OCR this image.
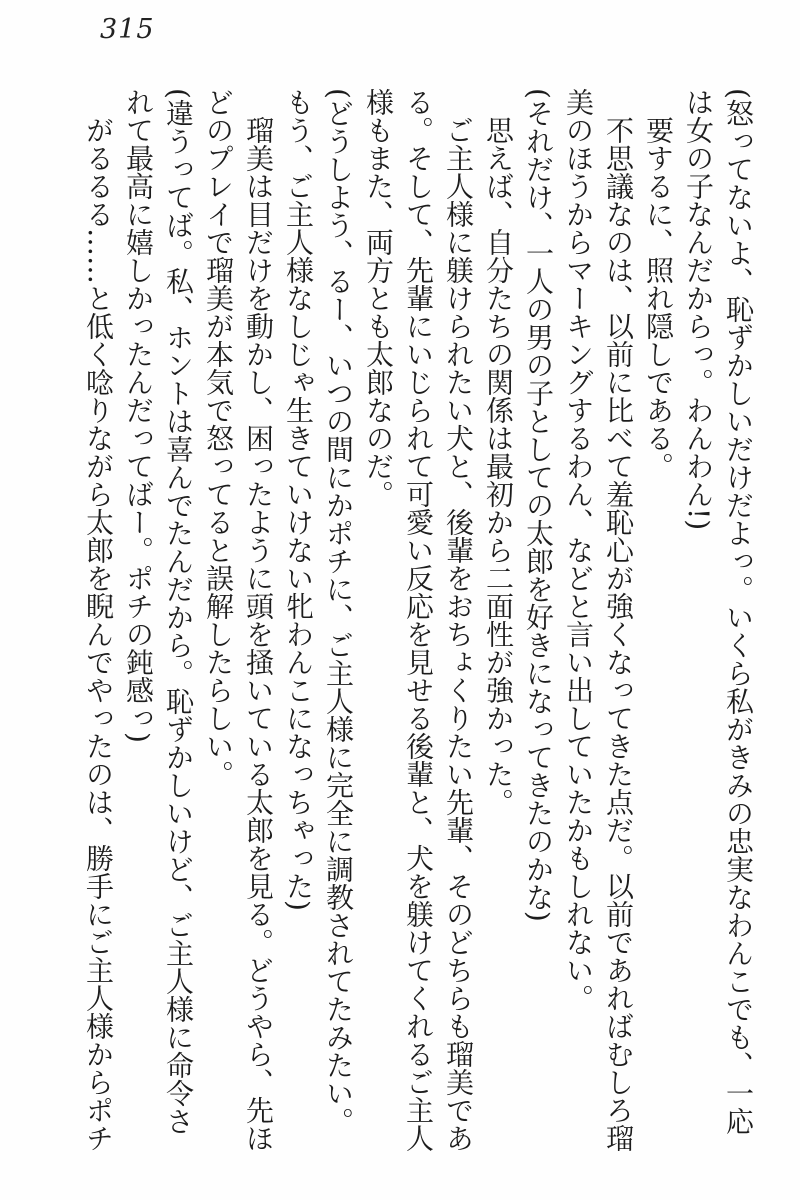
315

(怒ってないよ、恥ずかしいだけだよっ。いくら私がきみの忠実なわんこでも、一応は女の子なんだからっ。わんわん!)

要するに、照れ隠しである。

不思議なのは、以前に比べて羞恥心が強くなってきた点だ。以前であればむしろ瑠美のほうからマーキングするわん、などと言い出していたかもしれない。

(それだけ、一人の男の子としての太郎を好きになってきたのかな)

思えば、自分たちの関係は最初から二面性が強かった。

ご主人様に躾けられたい犬と、後輩をおちょくりたい先輩、そのどちらも瑠美である。そして、先輩にいじられて可愛い反応を見せる後輩と、犬を躾けてくれるご主人様もまた、両方とも太郎なのだ。

(どうしよう、るー、いつの間にかポチに、ご主人様に完全に調教されてたみたい。もう、ご主人様なしじゃ生きていけない牝わんこになっちゃった)

瑠美は目だけを動かし、困ったように頭を掻いている太郎を見る。どうやら、先ほどのプレイで瑠美が本気で怒ってると誤解したらしい。

(違うってば。私、ホントは喜んでたんだから。恥ずかしいけど、ご主人様に命令されて最高に嬉しかったんだってばー。ポチの鈍感っ)

がるるる……と低く唸りながら太郎を睨んでやったのは、勝手にご主人様からポチ
